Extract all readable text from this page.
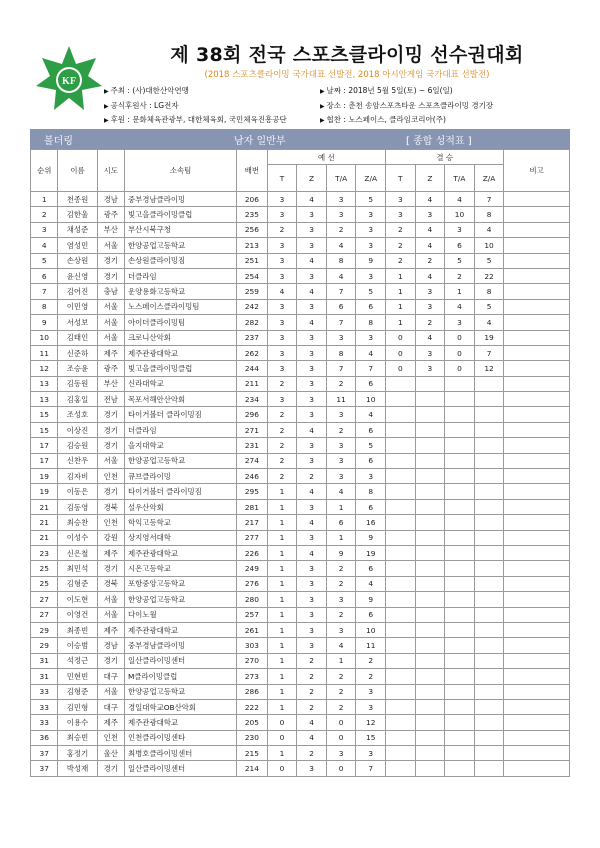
KF
제 38회 전국 스포츠클라이밍 선수권대회
(2018 스포츠클라이밍 국가대표 선발전, 2018 아시안게임 국가대표 선발전)
▶ 주최 : (사)대한산악연맹
▶ 공식후원사 : LG전자
▶ 후원 : 문화체육관광부, 대한체육회, 국민체육진흥공단
▶ 날짜 : 2018년 5월 5일(토) ~ 6일(일)
▶ 장소 : 춘천 송암스포츠타운 스포츠클라이밍 경기장
▶ 협찬 : 노스페이스, 클라임코리아(주)
볼더링	남자 일반부	[ 종합 성적표 ]
순위	이름	시도	소속팀	배번	예 선				결 승				비고
					T	Z	T/A	Z/A	T	Z	T/A	Z/A	
1	천종원	경남	중부경남클라이밍	206	3	4	3	5	3	4	4	7	
2	김한울	광주	빛고을클라이밍클럽	235	3	3	3	3	3	3	10	8	
3	채성준	부산	부산시북구청	256	2	3	2	3	2	4	3	4	
4	염성민	서울	한양공업고등학교	213	3	3	4	3	2	4	6	10	
5	손상원	경기	손상원클라이밍짐	251	3	4	8	9	2	2	5	5	
6	윤신영	경기	더클라임	254	3	3	4	3	1	4	2	22	
7	김어진	충남	운양용화고등학교	259	4	4	7	5	1	3	1	8	
8	이민영	서울	노스페이스클라이밍팀	242	3	3	6	6	1	3	4	5	
9	서성보	서울	아이더클라이밍팀	282	3	4	7	8	1	2	3	4	
10	김태인	서울	크로니산악회	237	3	3	3	3	0	4	0	19	
11	신준하	제주	제주관광대학교	262	3	3	8	4	0	3	0	7	
12	조승윤	광주	빛고을클라이밍클럽	244	3	3	7	7	0	3	0	12	
13	김동원	부산	신라대학교	211	2	3	2	6					
13	김홍일	전남	목포서해안산악회	234	3	3	11	10					
15	조성호	경기	타이거볼더 클라이밍짐	296	2	3	3	4					
15	이상진	경기	더클라임	271	2	4	2	6					
17	김승원	경기	을지대학교	231	2	3	3	5					
17	신찬우	서울	한양공업고등학교	274	2	3	3	6					
19	김자비	인천	큐브클라이밍	246	2	2	3	3					
19	이동은	경기	타이거볼더 클라이밍짐	295	1	4	4	8					
21	김동영	경북	설우산악회	281	1	3	1	6					
21	최승찬	인천	학익고등학교	217	1	4	6	16					
21	이성수	강원	상지영서대학	277	1	3	1	9					
23	신은철	제주	제주관광대학교	226	1	4	9	19					
25	최민석	경기	시온고등학교	249	1	3	2	6					
25	김형준	경북	포항중앙고등학교	276	1	3	2	4					
27	이도현	서울	한양공업고등학교	280	1	3	3	9					
27	이영건	서울	다이노월	257	1	3	2	6					
29	최종빈	제주	제주관광대학교	261	1	3	3	10					
29	이승범	경남	중부경남클라이밍	303	1	3	4	11					
31	석정근	경기	일산클라이밍센터	270	1	2	1	2					
31	민현빈	대구	M클라이밍클럽	273	1	2	2	2					
33	김형준	서울	한양공업고등학교	286	1	2	2	3					
33	김민형	대구	경일대학교OB산악회	222	1	2	2	3					
33	이용수	제주	제주관광대학교	205	0	4	0	12					
36	최승빈	인천	인천클라이밍센타	230	0	4	0	15					
37	홍정기	울산	최병호클라이밍센터	215	1	2	3	3					
37	박성재	경기	일산클라이밍센터	214	0	3	0	7					
